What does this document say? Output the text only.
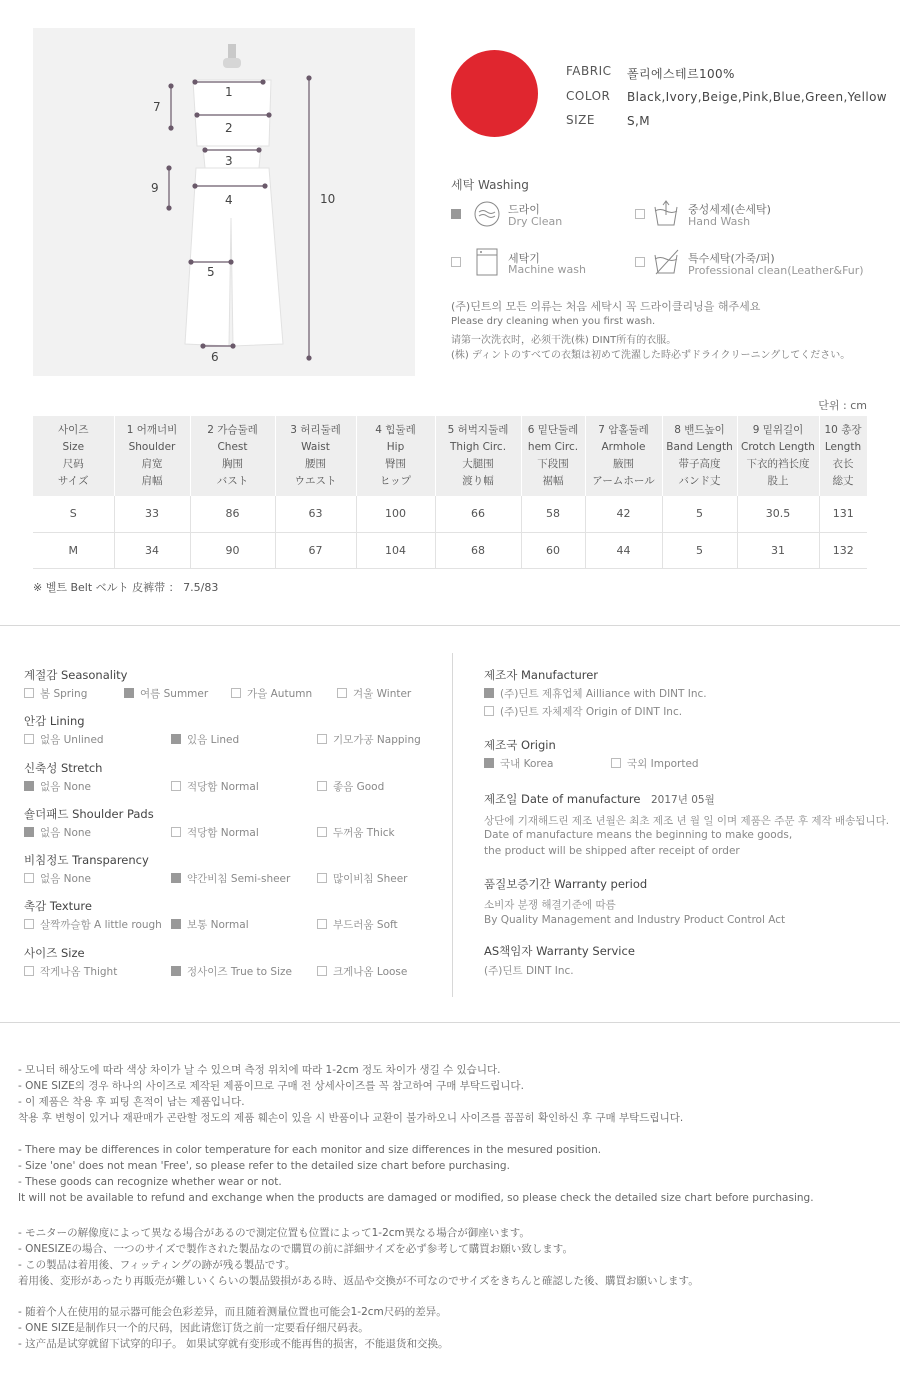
1
2
3
4
5
6
7
9
10
FABRIC 폴리에스테르100%
COLOR Black,Ivory,Beige,Pink,Blue,Green,Yellow
SIZE	S,M
세탁 Washing
드라이
Dry Clean
중성세제(손세탁)
Hand Wash
세탁기
Machine wash
특수세탁(가죽/퍼)
Professional clean(Leather&Fur)
(주)딘트의 모든 의류는 처음 세탁시 꼭 드라이클리닝을 해주세요
Please dry cleaning when you first wash.
请第一次洗衣时，必须干洗(株) DINT所有的衣服。
(株) ディントのすべての衣類は初めて洗濯した時必ずドライクリーニングしてください。
단위 : cm
사이즈
Size
尺码
サイズ	1 어깨너비
Shoulder
肩宽
肩幅	2 가슴둘레
Chest
胸围
バスト	3 허리둘레
Waist
腰围
ウエスト	4 힙둘레
Hip
臀围
ヒップ	5 허벅지둘레
Thigh Circ.
大腿围
渡り幅	6 밑단둘레
hem Circ.
下段围
裾幅	7 암홀둘레
Armhole
腋围
アームホール	8 밴드높이
Band Length
带子高度
バンド丈	9 밑위길이
Crotch Length
下衣的裆长度
股上	10 총장
Length
衣长
総丈

S	33	86	63	100	66	58	42	5	30.5	131
M	34	90	67	104	68	60	44	5	31	132
※ 벨트 Belt ベルト 皮裤带 ： 7.5/83
계절감 Seasonality
봄 Spring	여름 Summer	가을 Autumn	겨울 Winter
안감 Lining
없음 Unlined	있음 Lined	기모가공 Napping
신축성 Stretch
없음 None	적당함 Normal	좋음 Good
숄더패드 Shoulder Pads
없음 None	적당함 Normal	두꺼움 Thick
비침정도 Transparency
없음 None	약간비침 Semi-sheer	많이비침 Sheer
촉감 Texture
살짝까슬함 A little rough	보통 Normal	부드러움 Soft
사이즈 Size
작게나옴 Thight	정사이즈 True to Size	크게나옴 Loose
제조자 Manufacturer
(주)딘트 제휴업체 Ailliance with DINT Inc.
(주)딘트 자체제작 Origin of DINT Inc.
제조국 Origin
국내 Korea	국외 Imported
제조일 Date of manufacture 2017년 05월
상단에 기재해드린 제조 년월은 최초 제조 년 월 일 이며 제품은 주문 후 제작 배송됩니다.
Date of manufacture means the beginning to make goods,
the product will be shipped after receipt of order
품질보증기간 Warranty period
소비자 분쟁 해결기준에 따름
By Quality Management and Industry Product Control Act
AS책임자 Warranty Service
(주)딘트 DINT Inc.
- 모니터 해상도에 따라 색상 차이가 날 수 있으며 측정 위치에 따라 1-2cm 정도 차이가 생길 수 있습니다.
- ONE SIZE의 경우 하나의 사이즈로 제작된 제품이므로 구매 전 상세사이즈를 꼭 참고하여 구매 부탁드립니다.
- 이 제품은 착용 후 피팅 흔적이 남는 제품입니다.
착용 후 변형이 있거나 재판매가 곤란할 정도의 제품 훼손이 있을 시 반품이나 교환이 불가하오니 사이즈를 꼼꼼히 확인하신 후 구매 부탁드립니다.
- There may be differences in color temperature for each monitor and size differences in the mesured position.
- Size 'one' does not mean 'Free', so please refer to the detailed size chart before purchasing.
- These goods can recognize whether wear or not.
It will not be available to refund and exchange when the products are damaged or modified, so please check the detailed size chart before purchasing.
- モニターの解像度によって異なる場合があるので測定位置も位置によって1-2cm異なる場合が御座います。
- ONESIZEの場合、一つのサイズで製作された製品なので購買の前に詳細サイズを必ず参考して購買お願い致します。
- この製品は着用後、フィッティングの跡が残る製品です。
着用後、変形があったり再販売が難しいくらいの製品毀損がある時、返品や交換が不可なのでサイズをきちんと確認した後、購買お願いします。
- 随着个人在使用的显示器可能会色彩差异，而且随着测量位置也可能会1-2cm尺码的差异。
- ONE SIZE是制作只一个的尺码，因此请您订货之前一定要看仔细尺码表。
- 这产品是试穿就留下试穿的印子。 如果试穿就有变形或不能再售的损害，不能退货和交换。
